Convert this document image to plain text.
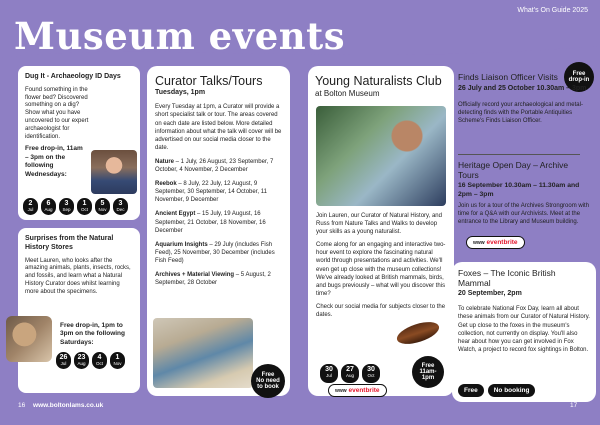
Museum events
What's On Guide 2025
Dug It - Archaeology ID Days
Found something in the flower bed? Discovered something on a dig? Show what you have uncovered to our expert archaeologist for identification.
Free drop-in, 11am – 3pm on the following Wednesdays:
2
Jul
6
Aug
3
Sep
1
Oct
5
Nov
3
Dec
Surprises from the Natural History Stores
Meet Lauren, who looks after the amazing animals, plants, insects, rocks, and fossils, and learn what a Natural History Curator does whilst learning more about the specimens.
Free drop-in, 1pm to 3pm on the following Saturdays:
26
Jul
23
Aug
4
Oct
1
Nov
Curator Talks/Tours
Tuesdays, 1pm
Every Tuesday at 1pm, a Curator will provide a short specialist talk or tour. The areas covered on each date are listed below. More detailed information about what the talk will cover will be advertised on our social media closer to the date.
Nature – 1 July, 26 August, 23 September, 7 October, 4 November, 2 December
Reebok – 8 July, 22 July, 12 August, 9 September, 30 September, 14 October, 11 November, 9 December
Ancient Egypt – 15 July, 19 August, 16 September, 21 October, 18 November, 16 December
Aquarium Insights – 29 July (includes Fish Feed), 25 November, 30 December (includes Fish Feed)
Archives + Material Viewing – 5 August, 2 September, 28 October
Free
No need
to book
Young Naturalists Club
at Bolton Museum

Join Lauren, our Curator of Natural History, and Russ from Nature Talks and Walks to develop your skills as a young naturalist.

Come along for an engaging and interactive two-hour event to explore the fascinating natural world through presentations and activities. We'll even get up close with the museum collections! We've already looked at British mammals, birds, and bugs previously – what will you discover this time?

Check our social media for subjects closer to the dates.

30
Jul
27
Aug
30
Oct
Free
11am-
1pm
www eventbrite
Free
drop-in
Finds Liaison Officer Visits
26 July and 25 October 10.30am – 3pm
Officially record your archaeological and metal-detecting finds with the Portable Antiquities Scheme's Finds Liaison Officer.
Heritage Open Day – Archive Tours
16 September 10.30am – 11.30am and 2pm – 3pm
Join us for a tour of the Archives Strongroom with time for a Q&A with our Archivists. Meet at the entrance to the Library and Museum building.
www eventbrite
Foxes – The Iconic British Mammal
20 September, 2pm
To celebrate National Fox Day, learn all about these animals from our Curator of Natural History. Get up close to the foxes in the museum's collection, not currently on display. You'll also hear about how you can get involved in Fox Watch, a project to record fox sightings in Bolton.
Free	No booking
16 www.boltonlams.co.uk	17
